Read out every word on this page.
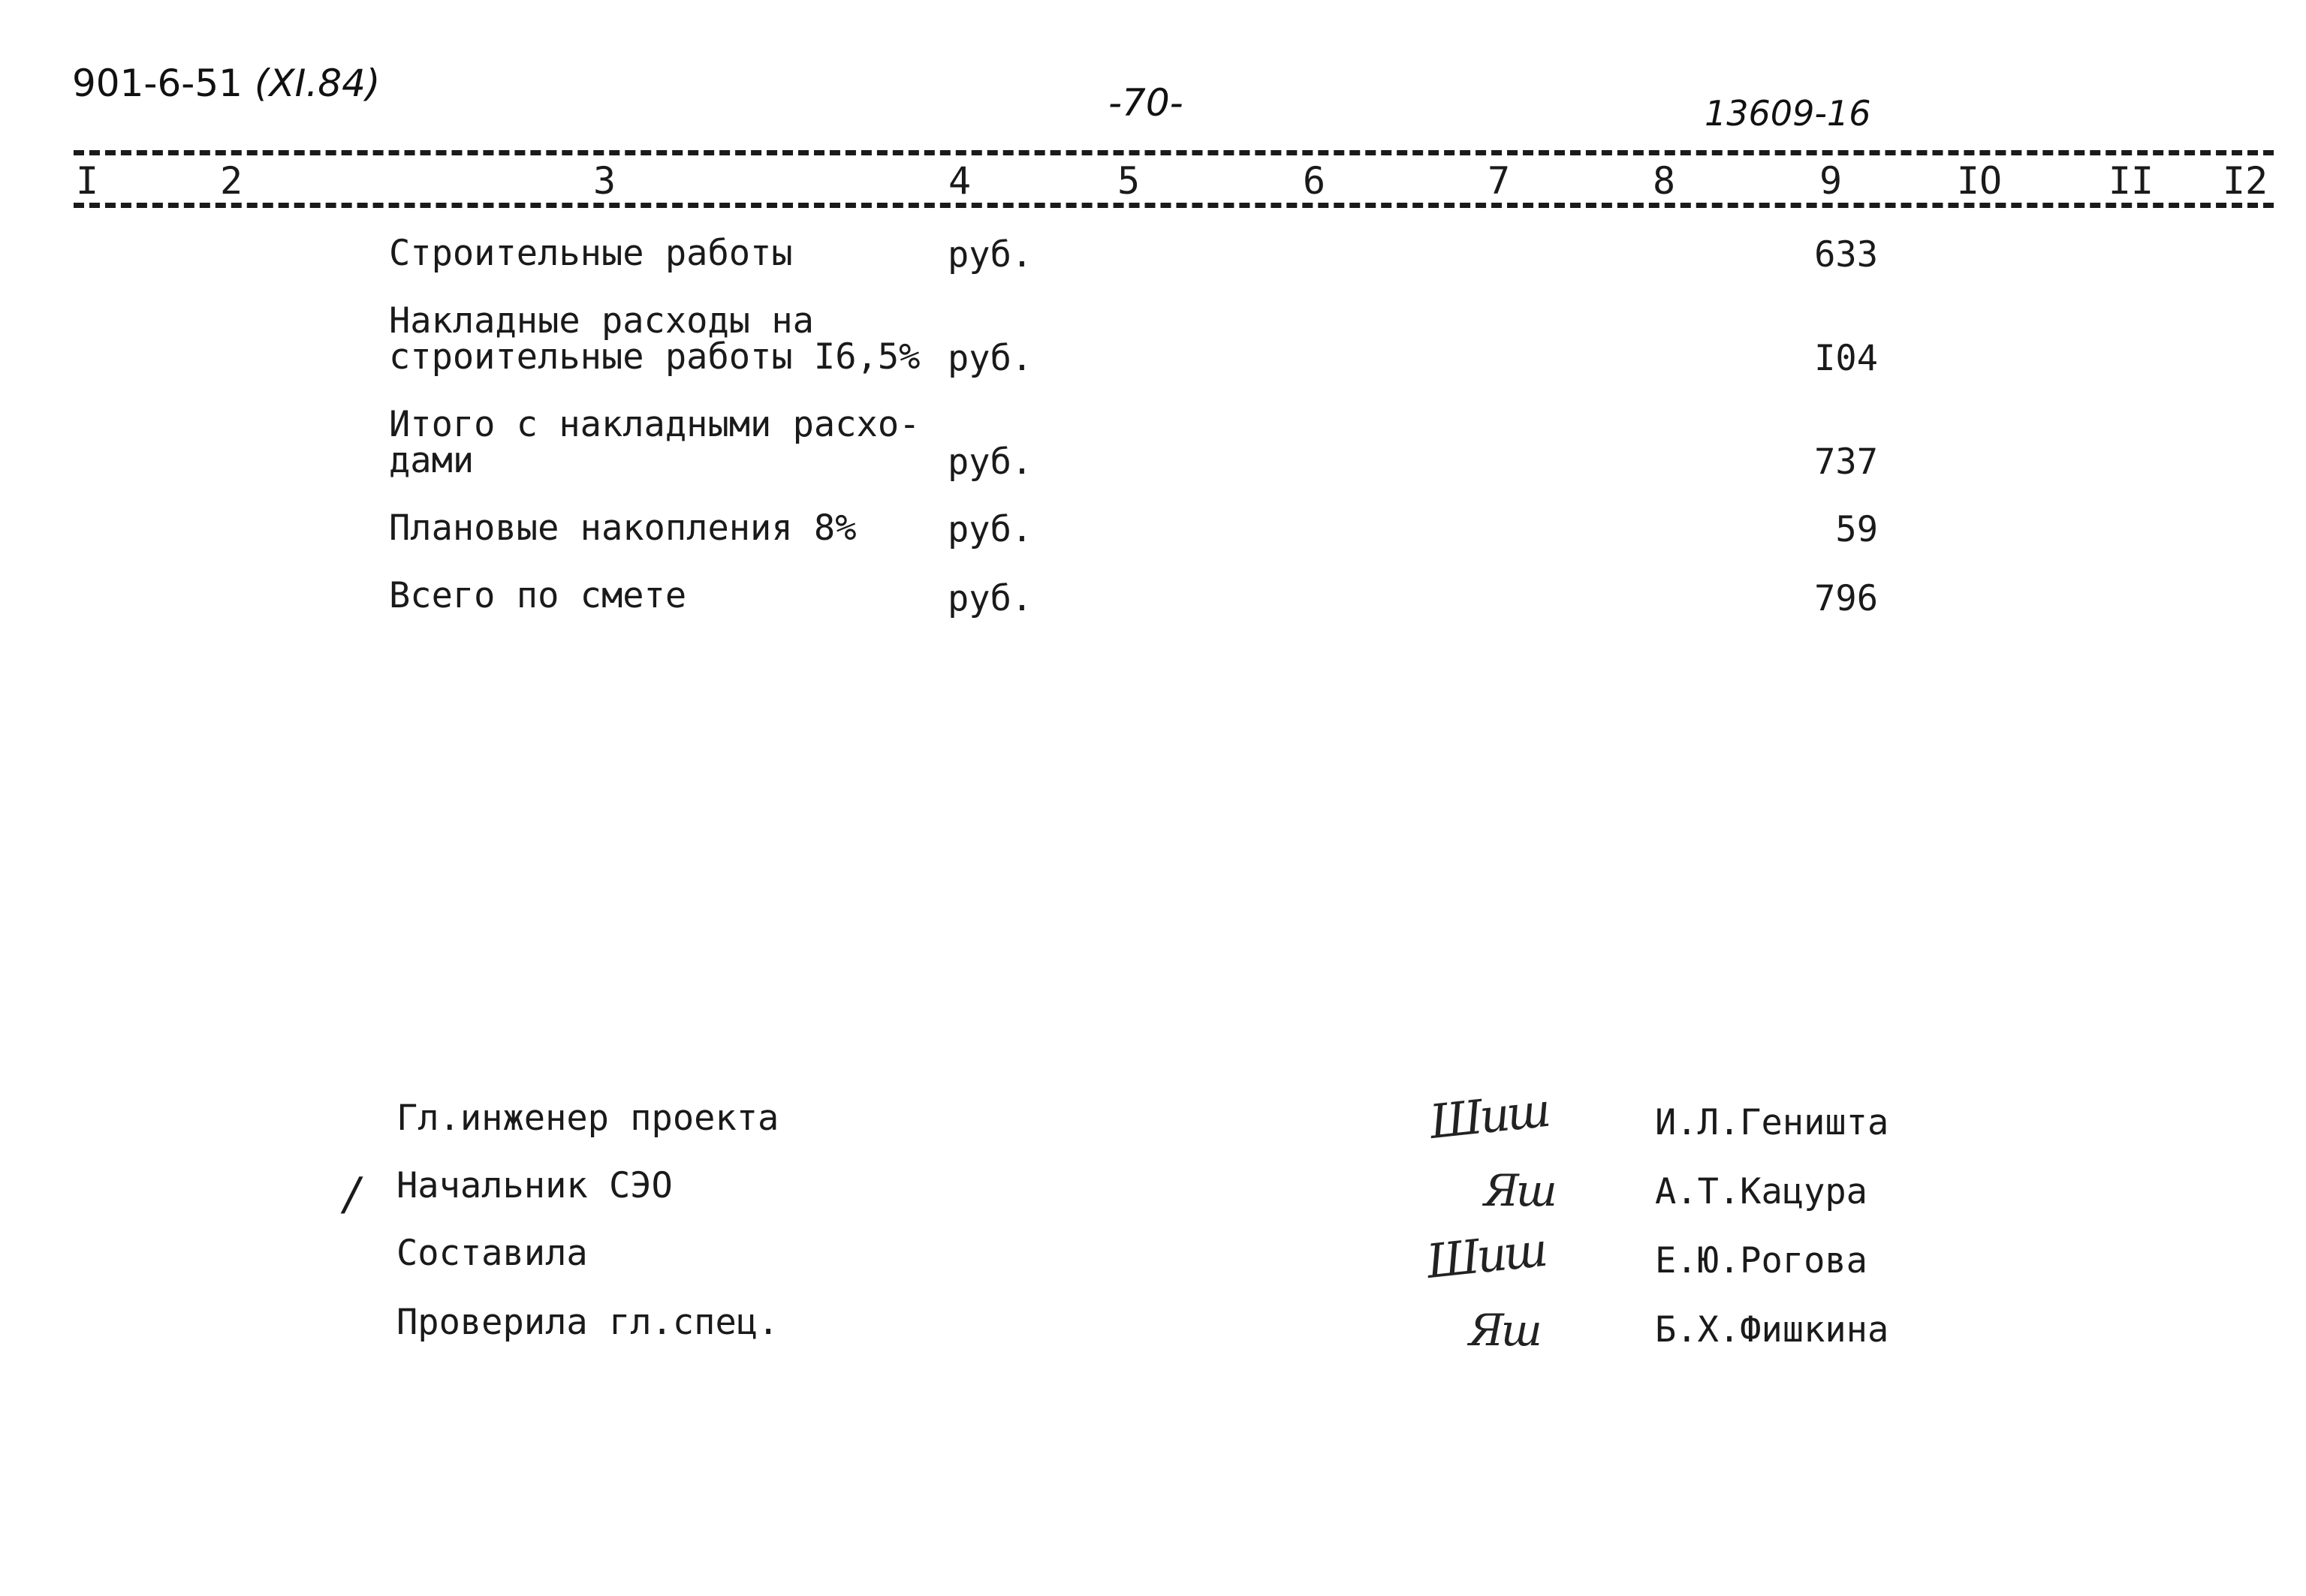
901-6-51 (XI.84)	-70-	13609-16
I	2	3	4	5	6	7	8	9	IO	II I2
Строительные работы	руб.	633
Накладные расходы на
строительные работы I6,5% руб.	I04
Итого с накладными расхо-
дами	руб.	737
Плановые накопления 8%	руб.	59
Всего по смете	руб.	796
/
Гл.инженер проекта	Шиш	И.Л.Геништа
Начальник СЭО	Яш	А.Т.Кацура
Составила	Шиш	Е.Ю.Рогова
Проверила гл.спец.	Яш	Б.Х.Фишкина
